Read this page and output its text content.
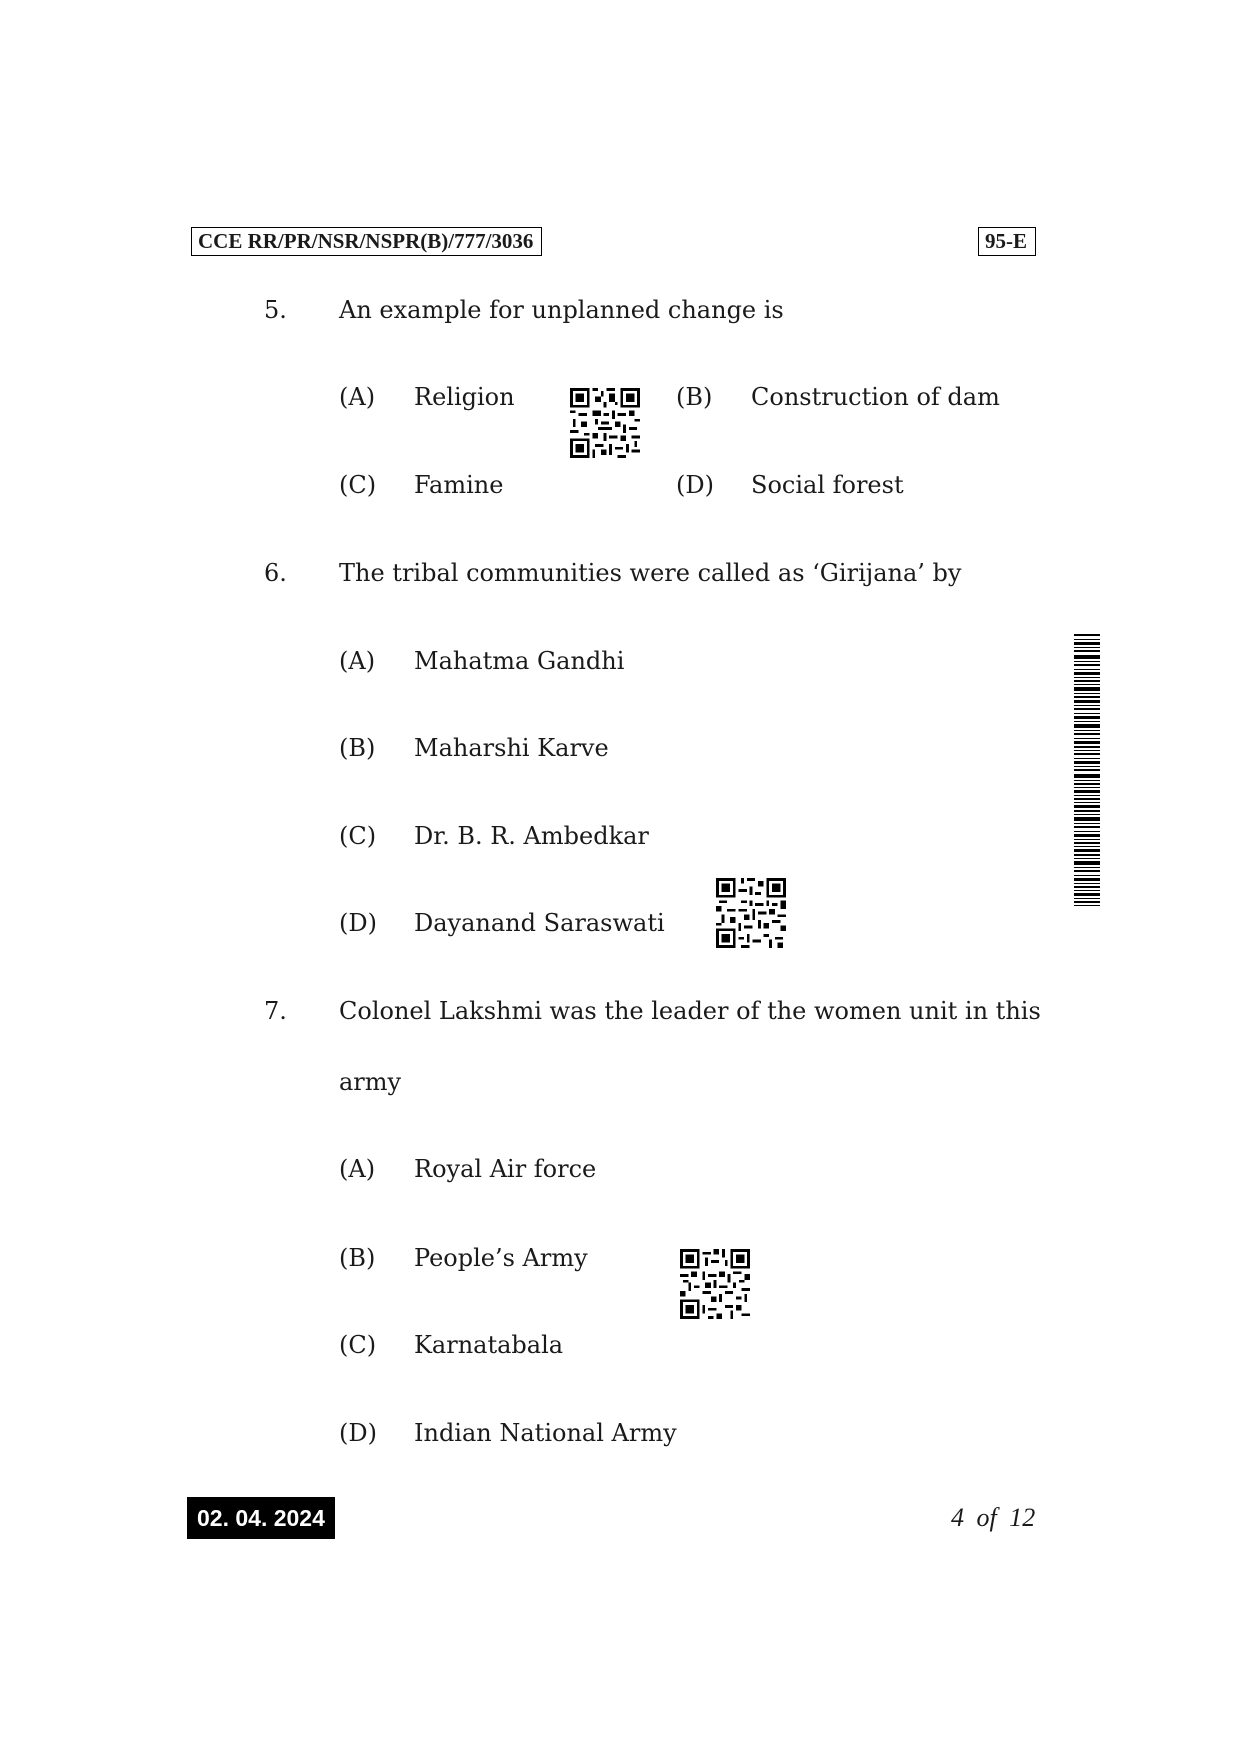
CCE RR/PR/NSR/NSPR(B)/777/3036	95-E
5. An example for unplanned change is
(A) Religion	(B) Construction of dam
(C) Famine	(D) Social forest
6. The tribal communities were called as ‘Girijana’ by
(A) Mahatma Gandhi
(B) Maharshi Karve
(C) Dr. B. R. Ambedkar
(D) Dayanand Saraswati
7. Colonel Lakshmi was the leader of the women unit in this
army
(A) Royal Air force
(B) People’s Army
(C) Karnatabala
(D) Indian National Army
02. 04. 2024	4 of 12
